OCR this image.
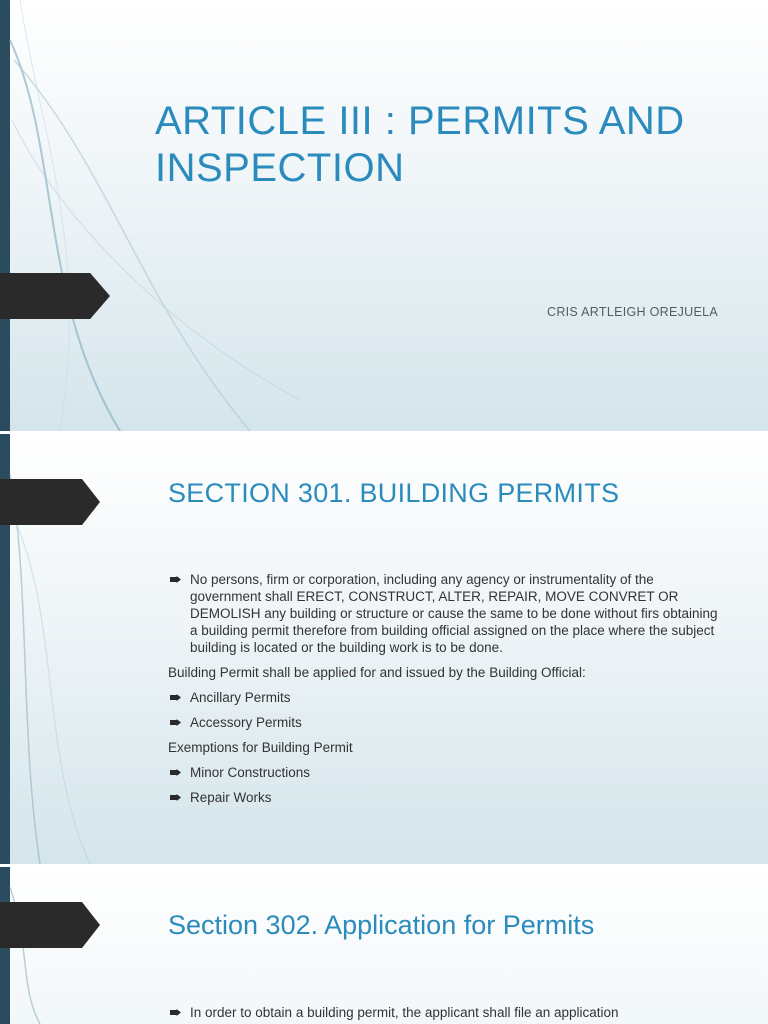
ARTICLE III : PERMITS AND INSPECTION
CRIS ARTLEIGH OREJUELA
SECTION 301. BUILDING PERMITS

No persons, firm or corporation, including any agency or instrumentality of the government shall ERECT, CONSTRUCT, ALTER, REPAIR, MOVE CONVRET OR DEMOLISH any building or structure or cause the same to be done without firs obtaining a building permit therefore from building official assigned on the place where the subject building is located or the building work is to be done.

Building Permit shall be applied for and issued by the Building Official:

Ancillary Permits

Accessory Permits

Exemptions for Building Permit

Minor Constructions

Repair Works

Section 302. Application for Permits

In order to obtain a building permit, the applicant shall file an application
